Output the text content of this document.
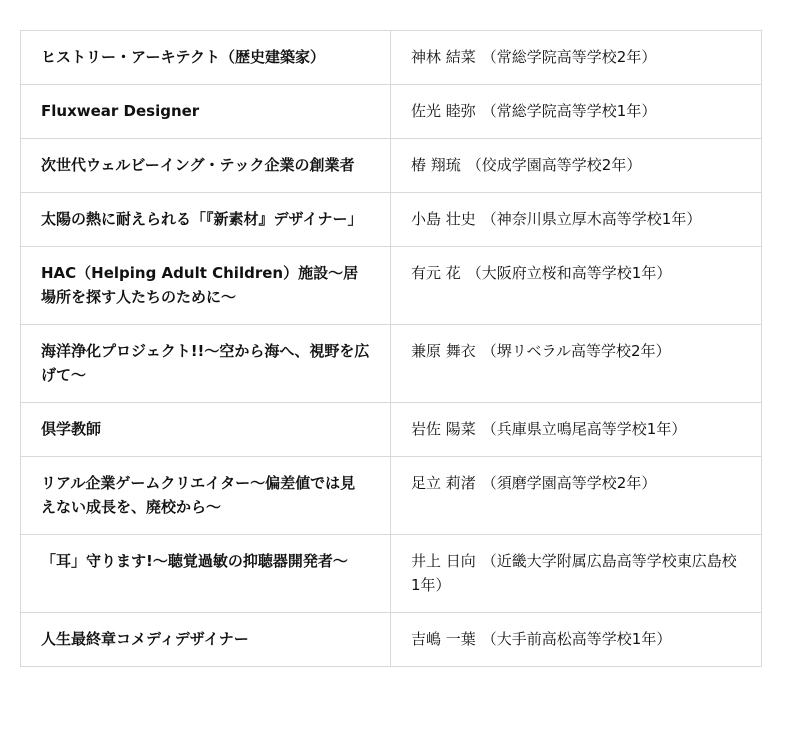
ヒストリー・アーキテクト（歴史建築家）	神林 結菜 （常総学院高等学校2年）
Fluxwear Designer	佐光 睦弥 （常総学院高等学校1年）
次世代ウェルビーイング・テック企業の創業者	椿 翔琉 （佼成学園高等学校2年）
太陽の熱に耐えられる「『新素材』デザイナー」	小島 壮史 （神奈川県立厚木高等学校1年）
HAC（Helping Adult Children）施設〜居場所を探す人たちのために〜	有元 花 （大阪府立桜和高等学校1年）
海洋浄化プロジェクト!!〜空から海へ、視野を広げて〜	兼原 舞衣 （堺リベラル高等学校2年）
倶学教師	岩佐 陽菜 （兵庫県立鳴尾高等学校1年）
リアル企業ゲームクリエイター〜偏差値では見えない成長を、廃校から〜	足立 莉渚 （須磨学園高等学校2年）
「耳」守ります!〜聴覚過敏の抑聴器開発者〜	井上 日向 （近畿大学附属広島高等学校東広島校1年）
人生最終章コメディデザイナー	吉嶋 一葉 （大手前高松高等学校1年）
